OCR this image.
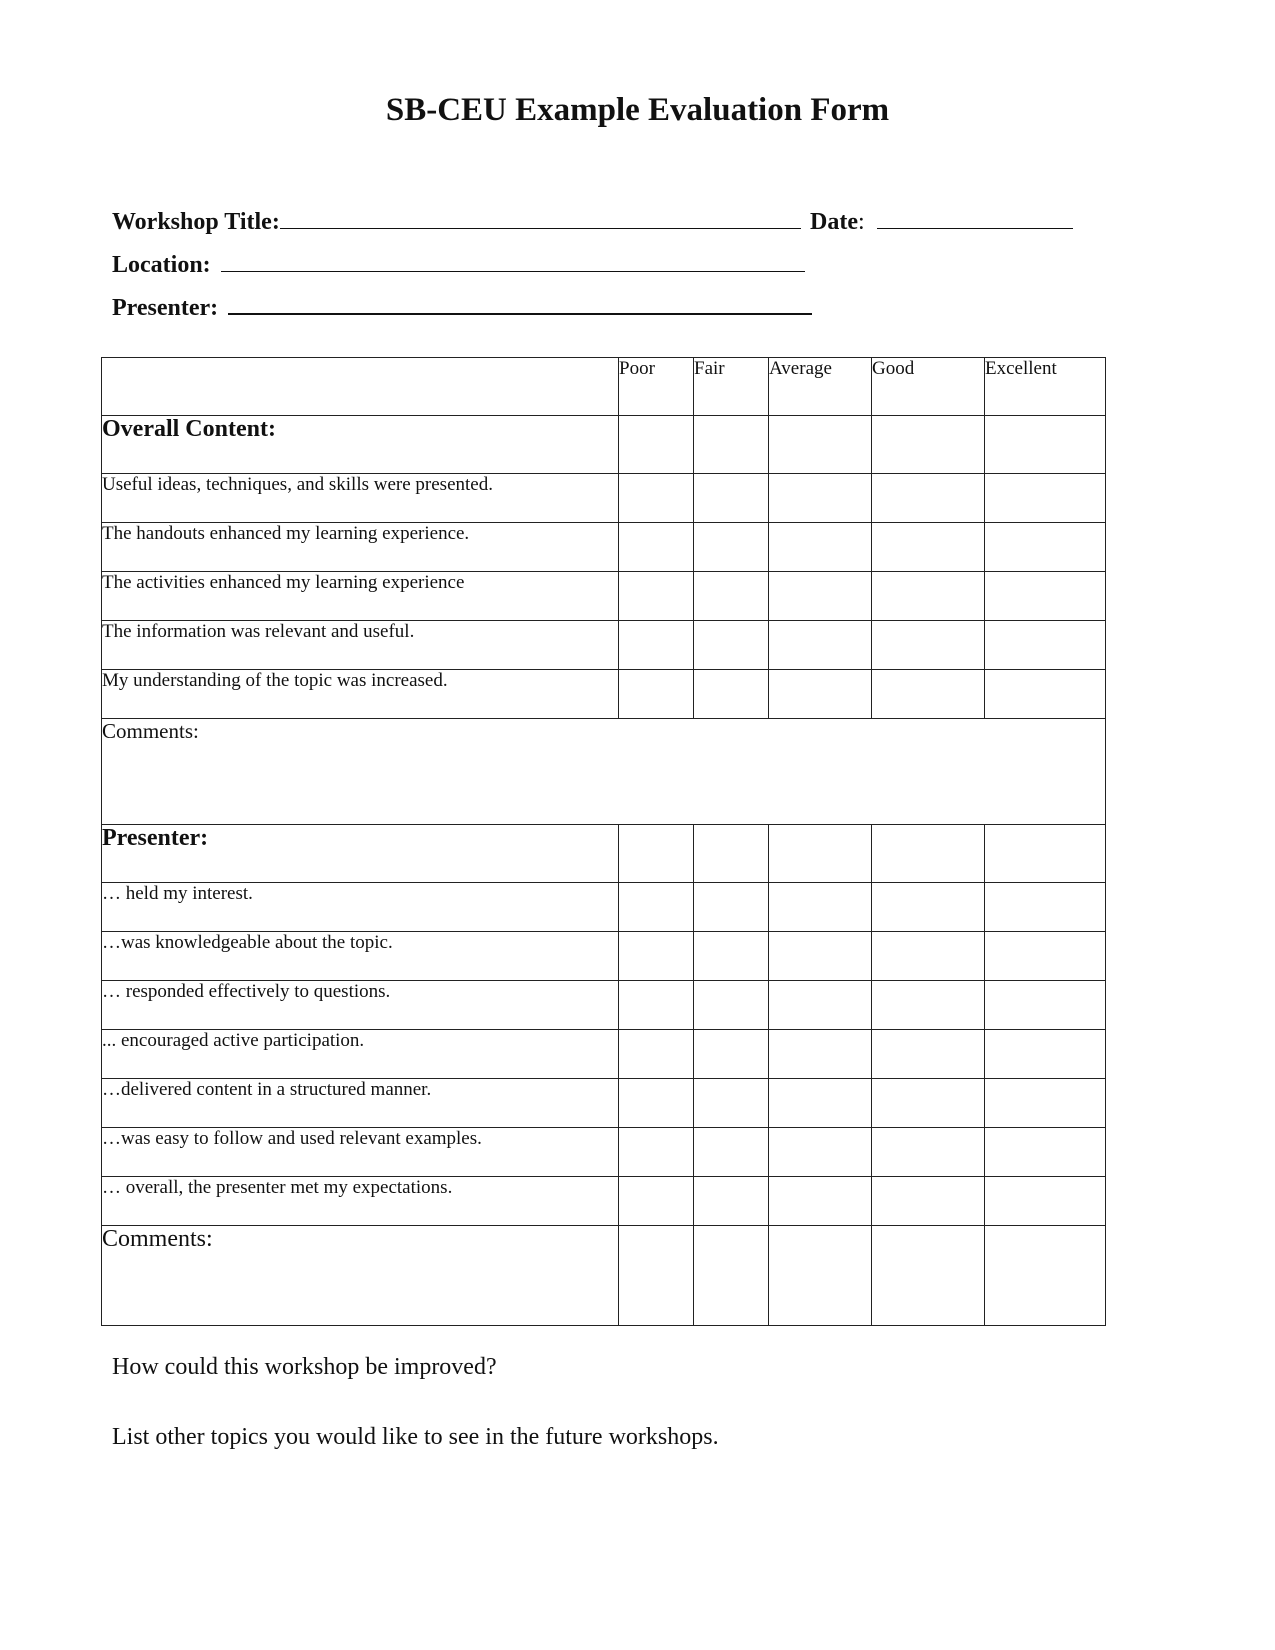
SB-CEU Example Evaluation Form
Workshop Title:	Date:
Location:
Presenter:
	Poor	Fair	Average	Good	Excellent
Overall Content:					
Useful ideas, techniques, and skills were presented.					
The handouts enhanced my learning experience.					
The activities enhanced my learning experience					
The information was relevant and useful.					
My understanding of the topic was increased.					
Comments:					
Presenter:					
… held my interest.					
…was knowledgeable about the topic.					
… responded effectively to questions.					
... encouraged active participation.					
…delivered content in a structured manner.					
…was easy to follow and used relevant examples.					
… overall, the presenter met my expectations.					
Comments:					
How could this workshop be improved?
List other topics you would like to see in the future workshops.
